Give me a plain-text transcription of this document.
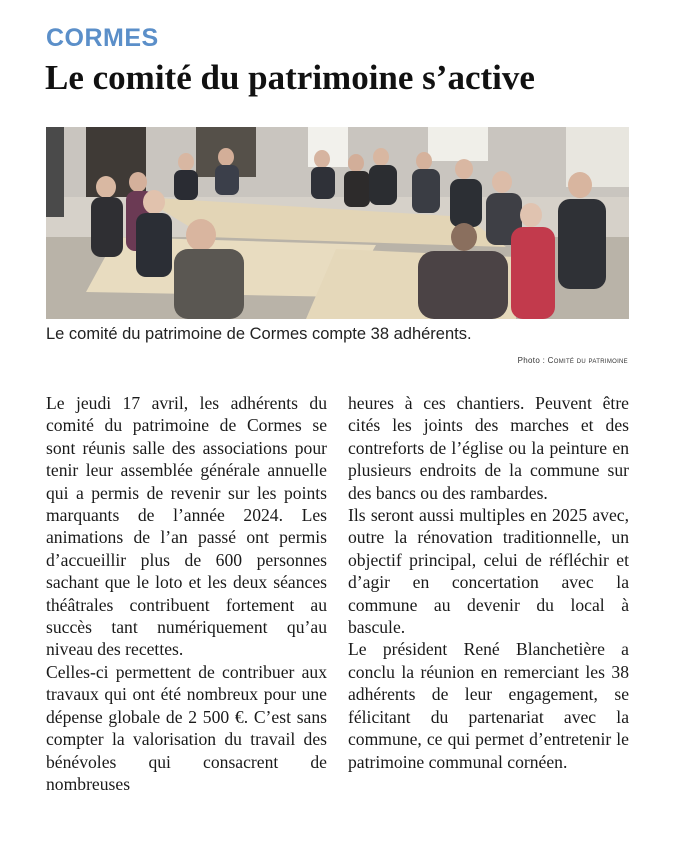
CORMES
Le comité du patrimoine s’active
Le comité du patrimoine de Cormes compte 38 adhérents.
Photo : Comité du patrimoine

Le jeudi 17 avril, les adhérents du comité du patrimoine de Cormes se sont réunis salle des associations pour tenir leur assemblée générale annuelle qui a permis de revenir sur les points marquants de l’année 2024. Les animations de l’an passé ont permis d’accueillir plus de 600 personnes sachant que le loto et les deux séances théâtrales contribuent fortement au succès tant numériquement qu’au niveau des recettes.

Celles-ci permettent de contribuer aux travaux qui ont été nombreux pour une dépense globale de 2 500 €. C’est sans compter la valorisation du travail des bénévoles qui consacrent de nombreuses

heures à ces chantiers. Peuvent être cités les joints des marches et des contreforts de l’église ou la peinture en plusieurs endroits de la commune sur des bancs ou des rambardes.

Ils seront aussi multiples en 2025 avec, outre la rénovation traditionnelle, un objectif principal, celui de réfléchir et d’agir en concertation avec la commune au devenir du local à bascule.

Le président René Blanchetière a conclu la réunion en remerciant les 38 adhérents de leur engagement, se félicitant du partenariat avec la commune, ce qui permet d’entretenir le patrimoine communal cornéen.
